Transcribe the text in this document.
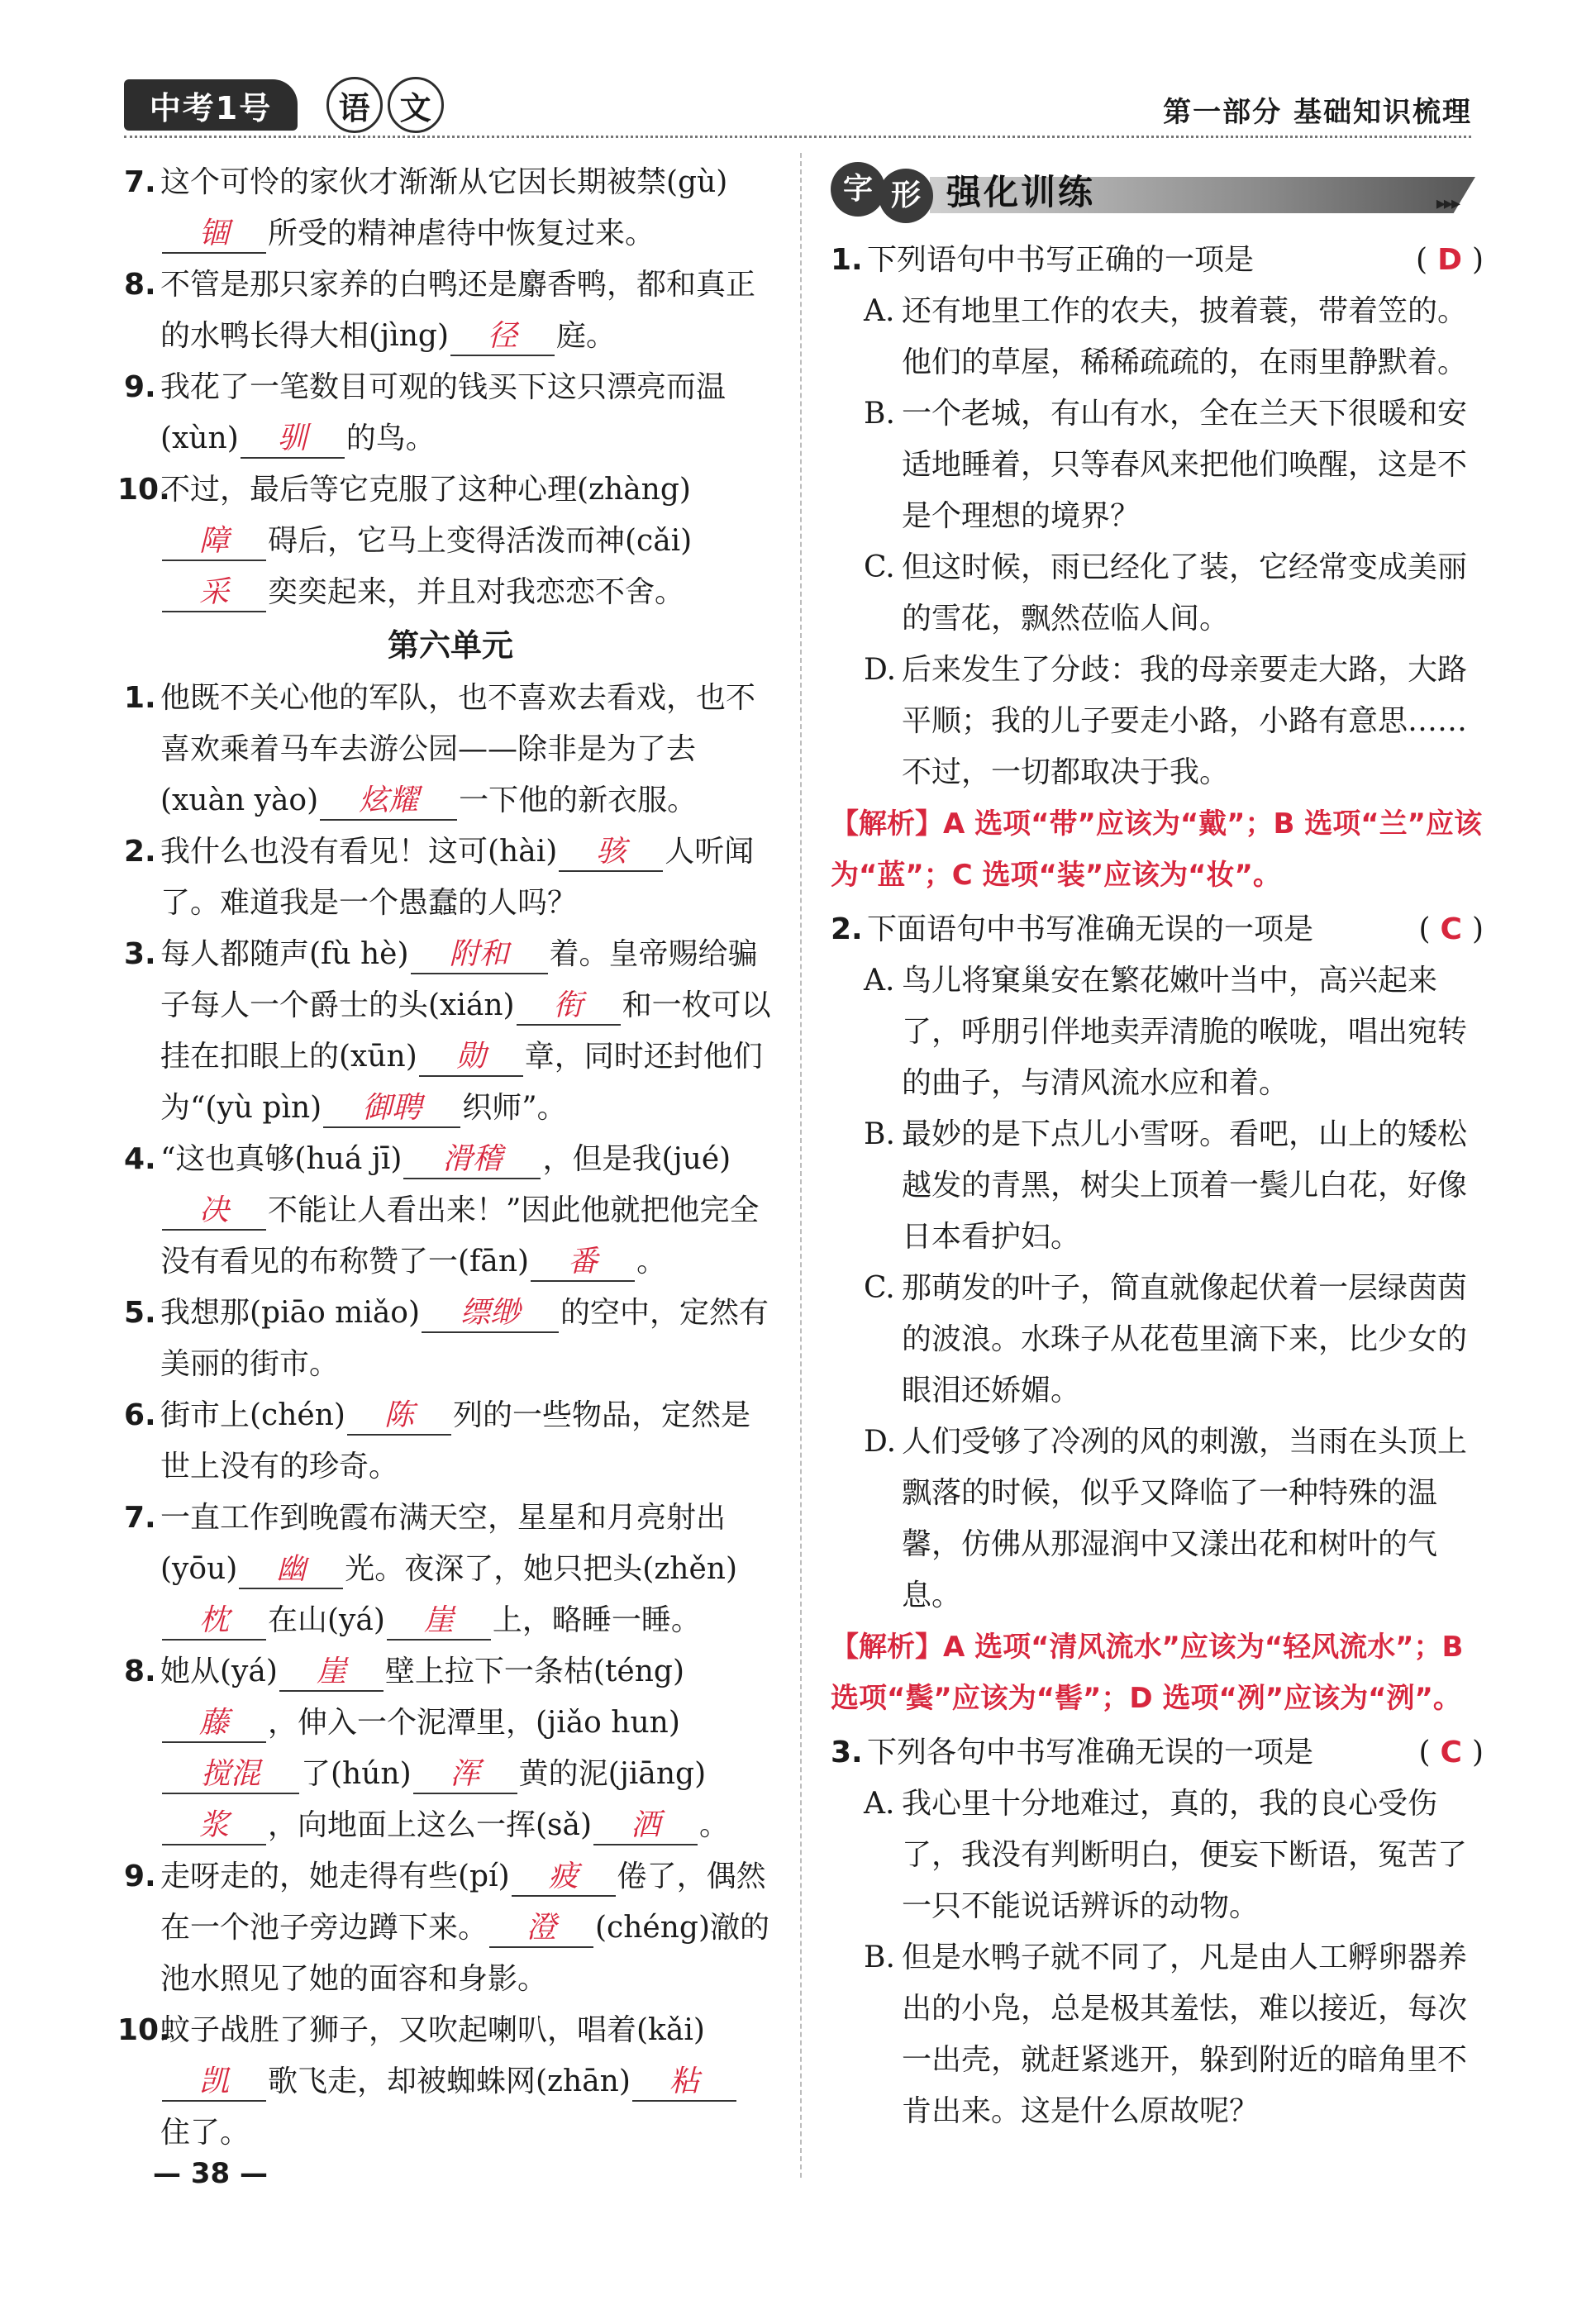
中考1号	语 文	第一部分 基础知识梳理
7. 这个可怜的家伙才渐渐从它因长期被禁(gù)
锢 所受的精神虐待中恢复过来。
8. 不管是那只家养的白鸭还是麝香鸭，都和真正的水鸭长得大相(jìng) 径 庭。
9. 我花了一笔数目可观的钱买下这只漂亮而温(xùn) 驯 的鸟。
10.
不过，最后等它克服了这种心理(zhàng)
障 碍后，它马上变得活泼而神(cǎi)
采 奕奕起来，并且对我恋恋不舍。
第六单元
1. 他既不关心他的军队，也不喜欢去看戏，也不喜欢乘着马车去游公园——除非是为了去(xuàn yào) 炫耀 一下他的新衣服。
2. 我什么也没有看见！这可(hài) 骇 人听闻了。难道我是一个愚蠢的人吗？
3. 每人都随声(fù hè) 附和 着。皇帝赐给骗子每人一个爵士的头(xián) 衔 和一枚可以挂在扣眼上的(xūn) 勋 章，同时还封他们为“(yù pìn) 御聘 织师”。
4. “这也真够(huá jī) 滑稽 ，但是我(jué)
决 不能让人看出来！”因此他就把他完全没有看见的布称赞了一(fān) 番 。
5. 我想那(piāo miǎo) 缥缈 的空中，定然有美丽的街市。
6. 街市上(chén) 陈 列的一些物品，定然是世上没有的珍奇。
7. 一直工作到晚霞布满天空，星星和月亮射出(yōu) 幽 光。夜深了，她只把头(zhěn)
枕 在山(yá) 崖 上，略睡一睡。
8. 她从(yá) 崖 壁上拉下一条枯(téng)
藤 ，伸入一个泥潭里，(jiǎo hun)
搅混 了(hún) 浑 黄的泥(jiāng)
浆 ，向地面上这么一挥(sǎ) 洒 。
9. 走呀走的，她走得有些(pí) 疲 倦了，偶然在一个池子旁边蹲下来。 澄 (chéng)澈的池水照见了她的面容和身影。
10.
蚊子战胜了狮子，又吹起喇叭，唱着(kǎi)
凯 歌飞走，却被蜘蛛网(zhān) 粘
住了。
字 形 强化训练	▸▸▸
1. 下列语句中书写正确的一项是	( D )
A. 还有地里工作的农夫，披着蓑，带着笠的。他们的草屋，稀稀疏疏的，在雨里静默着。
B. 一个老城，有山有水，全在兰天下很暖和安适地睡着，只等春风来把他们唤醒，这是不是个理想的境界？
C. 但这时候，雨已经化了装，它经常变成美丽的雪花，飘然莅临人间。
D. 后来发生了分歧：我的母亲要走大路，大路平顺；我的儿子要走小路，小路有意思……不过，一切都取决于我。
【解析】A 选项“带”应该为“戴”；B 选项“兰”应该为“蓝”；C 选项“装”应该为“妆”。
2. 下面语句中书写准确无误的一项是	( C )
A. 鸟儿将窠巢安在繁花嫩叶当中，高兴起来了，呼朋引伴地卖弄清脆的喉咙，唱出宛转的曲子，与清风流水应和着。
B. 最妙的是下点儿小雪呀。看吧，山上的矮松越发的青黑，树尖上顶着一鬓儿白花，好像日本看护妇。
C. 那萌发的叶子，简直就像起伏着一层绿茵茵的波浪。水珠子从花苞里滴下来，比少女的眼泪还娇媚。
D. 人们受够了冷冽的风的刺激，当雨在头顶上飘落的时候，似乎又降临了一种特殊的温馨，仿佛从那湿润中又漾出花和树叶的气息。
【解析】A 选项“清风流水”应该为“轻风流水”；B 选项“鬓”应该为“髻”；D 选项“冽”应该为“洌”。
3. 下列各句中书写准确无误的一项是	( C )
A. 我心里十分地难过，真的，我的良心受伤了，我没有判断明白，便妄下断语，冤苦了一只不能说话辨诉的动物。
B. 但是水鸭子就不同了，凡是由人工孵卵器养出的小凫，总是极其羞怯，难以接近，每次一出壳，就赶紧逃开，躲到附近的暗角里不肯出来。这是什么原故呢？
— 38 —
